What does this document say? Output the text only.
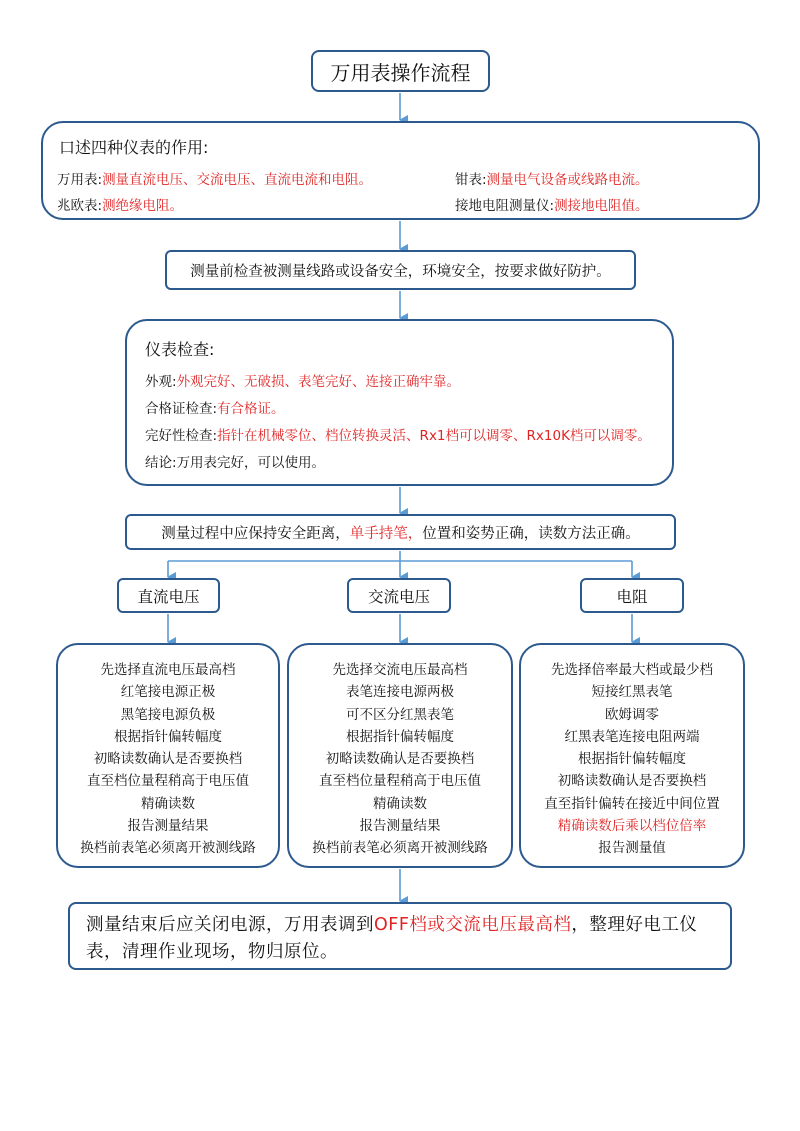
万用表操作流程
口述四种仪表的作用:
万用表:测量直流电压、交流电压、直流电流和电阻。	钳表:测量电气设备或线路电流。
兆欧表:测绝缘电阻。	接地电阻测量仪:测接地电阻值。
测量前检查被测量线路或设备安全，环境安全，按要求做好防护。
仪表检查:
外观:外观完好、无破损、表笔完好、连接正确牢靠。
合格证检查:有合格证。
完好性检查:指针在机械零位、档位转换灵活、Rx1档可以调零、Rx10K档可以调零。
结论:万用表完好，可以使用。
测量过程中应保持安全距离， 单手持笔， 位置和姿势正确，读数方法正确。
直流电压	交流电压	电阻
先选择直流电压最高档
红笔接电源正极
黑笔接电源负极
根据指针偏转幅度
初略读数确认是否要换档
直至档位量程稍高于电压值
精确读数
报告测量结果
换档前表笔必须离开被测线路
先选择交流电压最高档
表笔连接电源两极
可不区分红黑表笔
根据指针偏转幅度
初略读数确认是否要换档
直至档位量程稍高于电压值
精确读数
报告测量结果
换档前表笔必须离开被测线路
先选择倍率最大档或最少档
短接红黑表笔
欧姆调零
红黑表笔连接电阻两端
根据指针偏转幅度
初略读数确认是否要换档
直至指针偏转在接近中间位置
精确读数后乘以档位倍率
报告测量值
测量结束后应关闭电源，万用表调到OFF档或交流电压最高档，整理好电工仪表，清理作业现场，物归原位。
